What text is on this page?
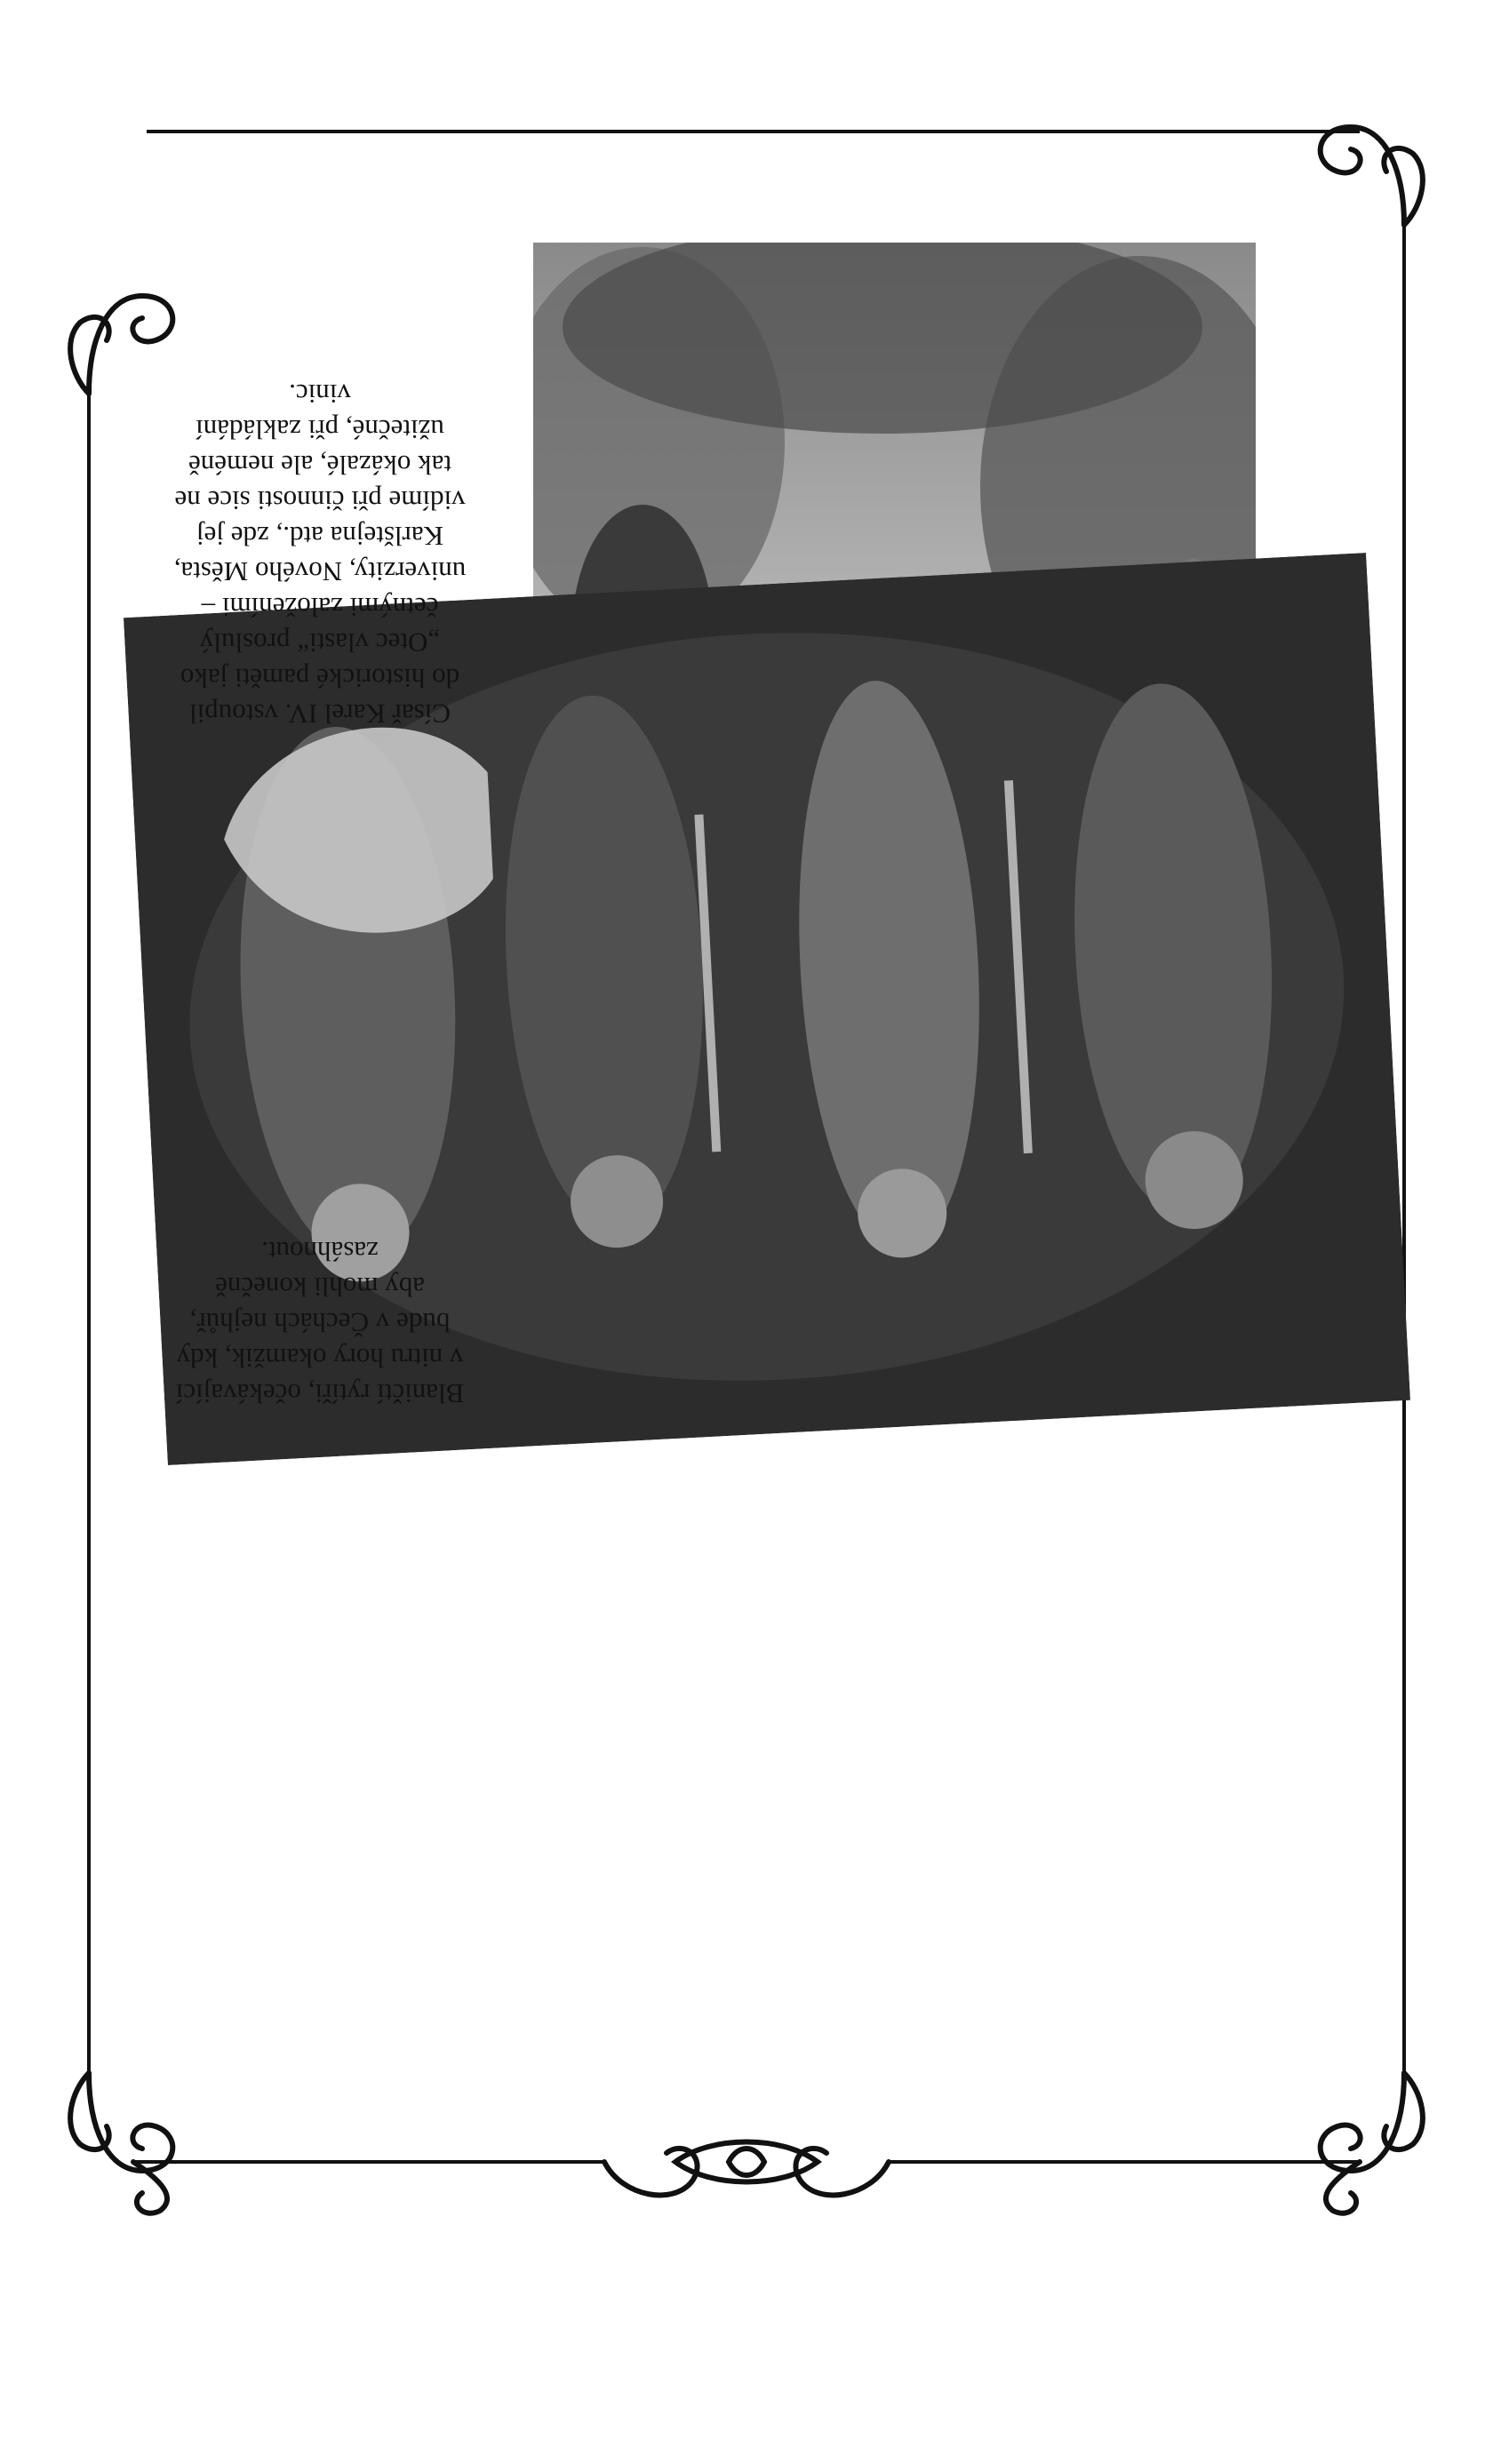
Císař Karel IV. vstoupil

do historické paměti jako

„Otec vlasti“ proslulý

četnými založeními –

univerzity, Nového Města,

Karlštejna atd., zde jej

vidíme při činnosti sice ne

tak okázalé, ale neméně

užitečné, při zakládání

vinic.

Blaničtí rytíři, očekávající

v nitru hory okamžik, kdy

bude v Čechách nejhůř,

aby mohli konečně

zasáhnout.
